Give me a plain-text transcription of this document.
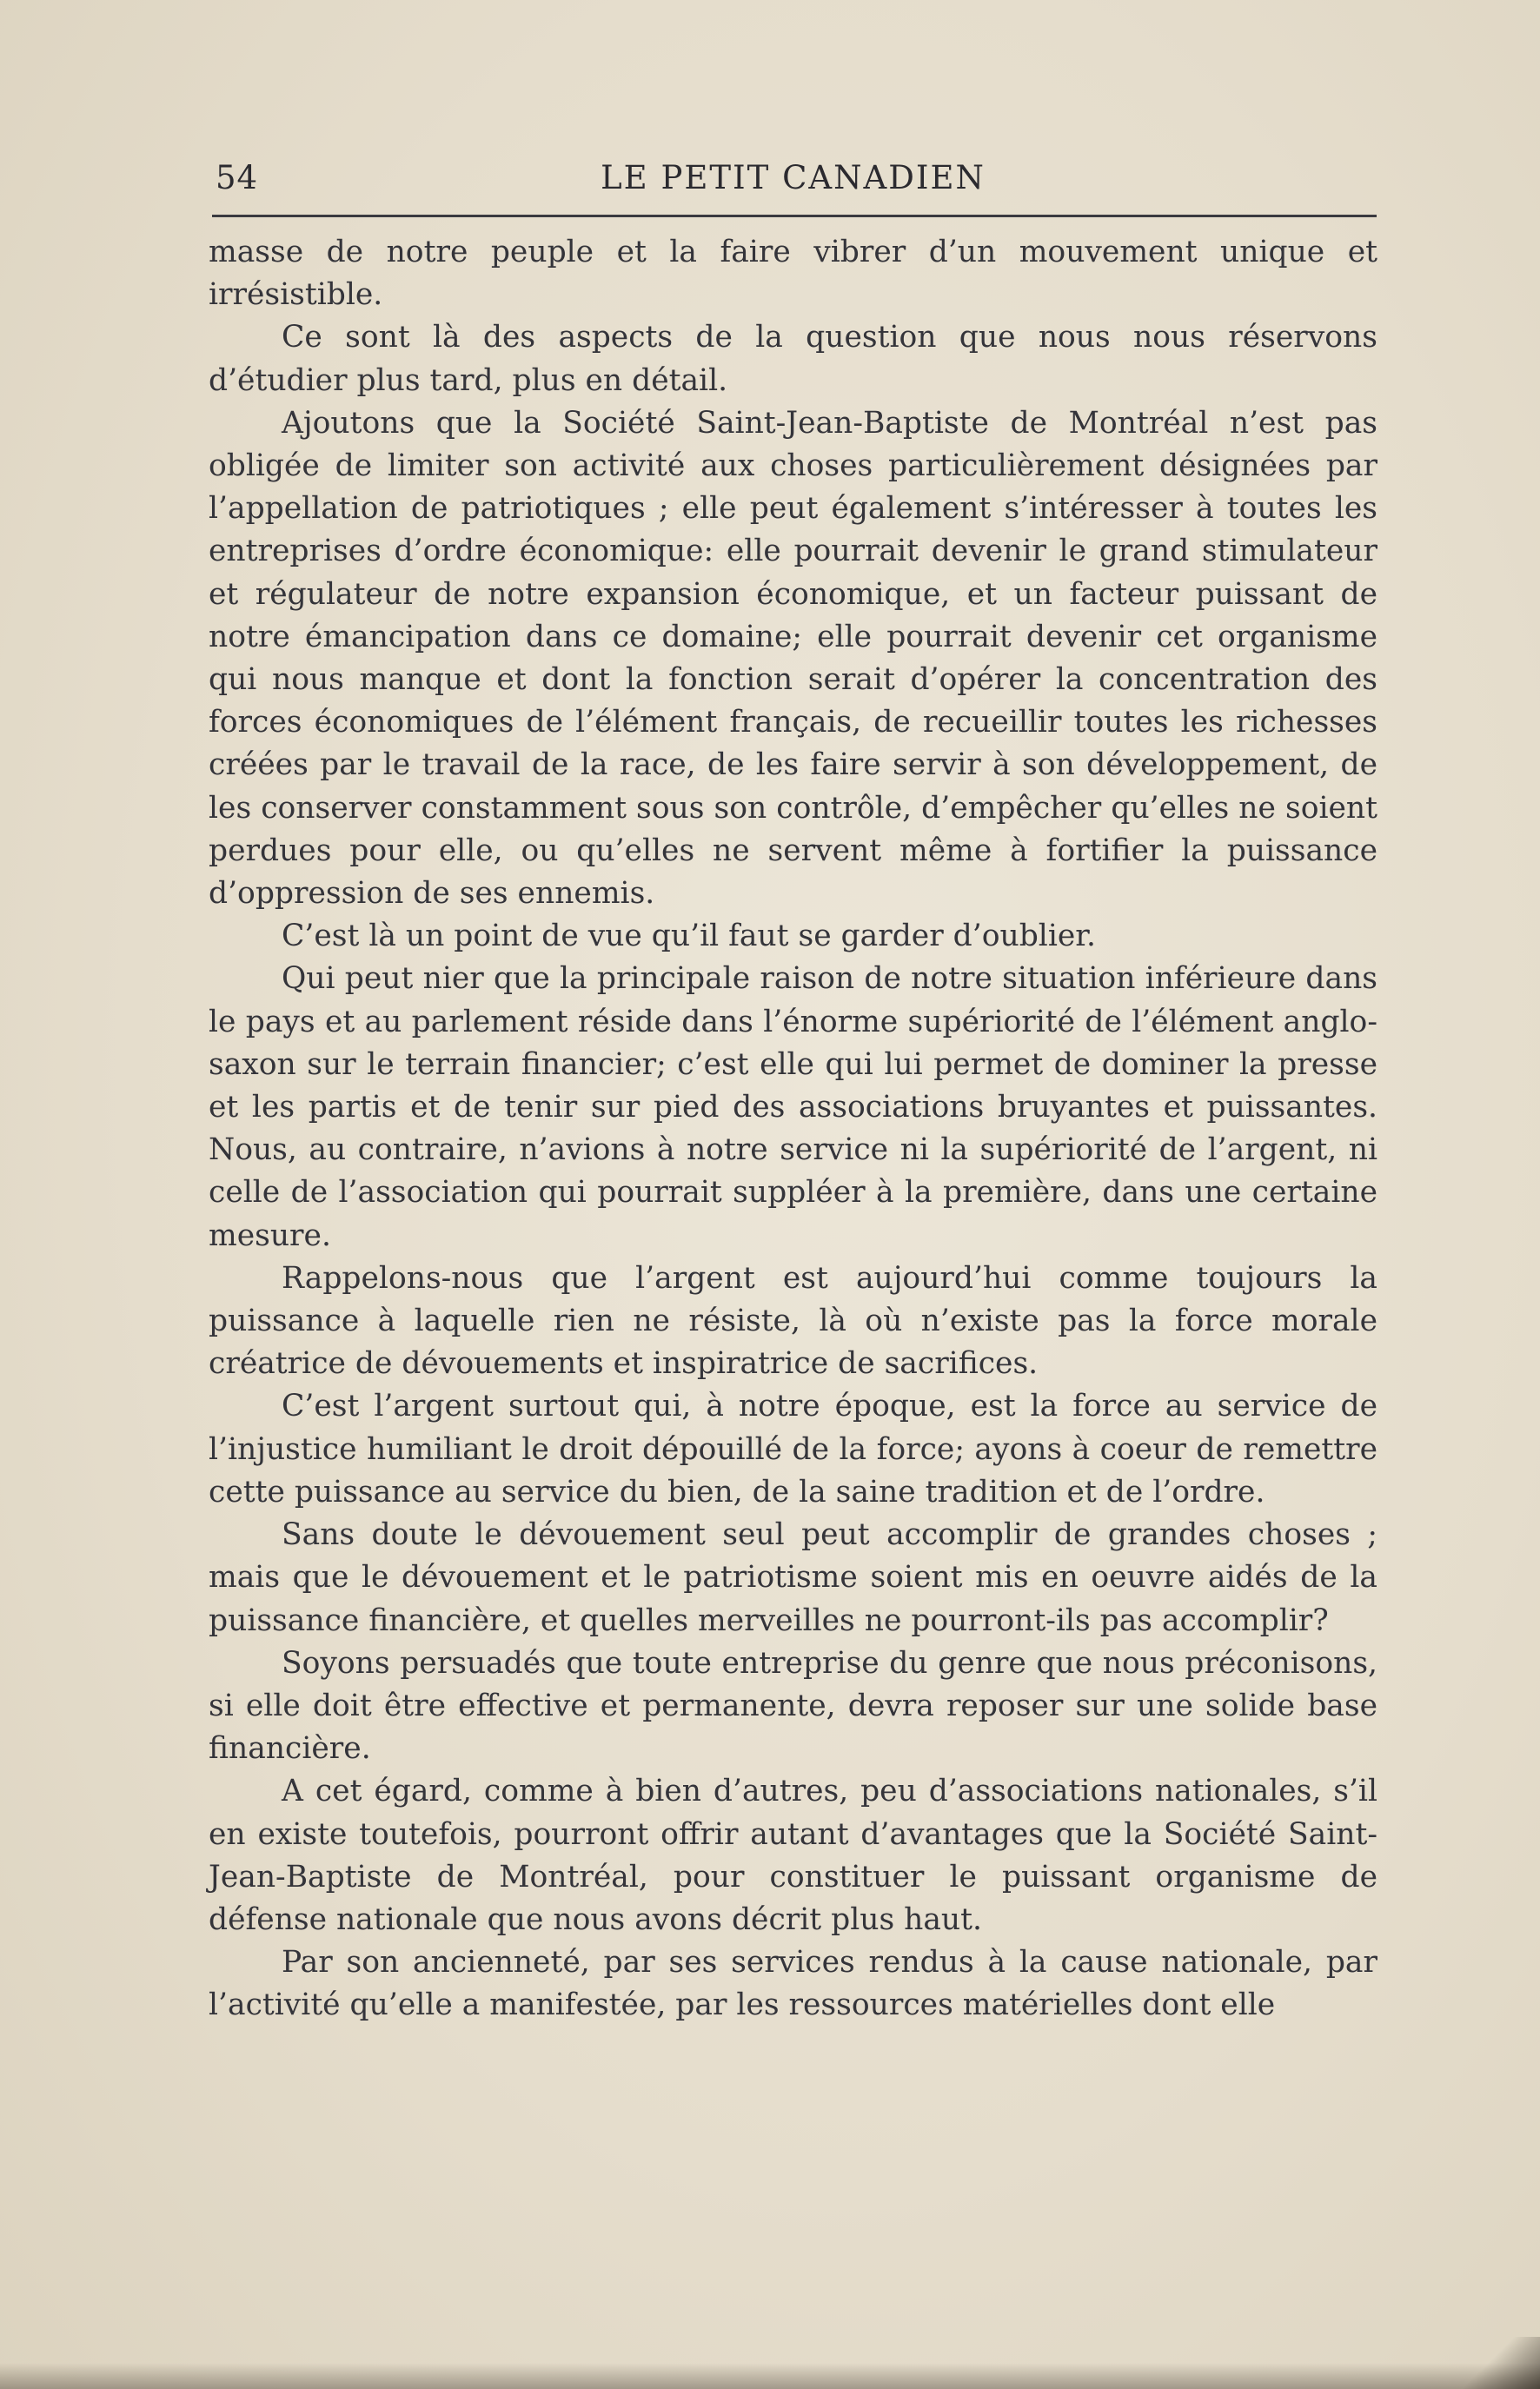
54	LE PETIT CANADIEN

masse de notre peuple et la faire vibrer d’un mouvement unique et irrésistible.

Ce sont là des aspects de la question que nous nous réservons d’étudier plus tard, plus en détail.

Ajoutons que la Société Saint-Jean-Baptiste de Montréal n’est pas obligée de limiter son activité aux choses particulièrement désignées par l’appellation de patriotiques ; elle peut également s’intéresser à toutes les entreprises d’ordre économique: elle pourrait devenir le grand stimulateur et régulateur de notre expansion économique, et un facteur puissant de notre émancipation dans ce domaine; elle pourrait devenir cet organisme qui nous manque et dont la fonction serait d’opérer la concentration des forces économiques de l’élément français, de recueillir toutes les richesses créées par le travail de la race, de les faire servir à son développement, de les conserver constamment sous son contrôle, d’empêcher qu’elles ne soient perdues pour elle, ou qu’elles ne servent même à fortifier la puissance d’oppression de ses ennemis.

C’est là un point de vue qu’il faut se garder d’oublier.

Qui peut nier que la principale raison de notre situation inférieure dans le pays et au parlement réside dans l’énorme supériorité de l’élément anglo-saxon sur le terrain financier; c’est elle qui lui permet de dominer la presse et les partis et de tenir sur pied des associations bruyantes et puissantes. Nous, au contraire, n’avions à notre service ni la supériorité de l’argent, ni celle de l’association qui pourrait suppléer à la première, dans une certaine mesure.

Rappelons-nous que l’argent est aujourd’hui comme toujours la puissance à laquelle rien ne résiste, là où n’existe pas la force morale créatrice de dévouements et inspiratrice de sacrifices.

C’est l’argent surtout qui, à notre époque, est la force au service de l’injustice humiliant le droit dépouillé de la force; ayons à coeur de remettre cette puissance au service du bien, de la saine tradition et de l’ordre.

Sans doute le dévouement seul peut accomplir de grandes choses ; mais que le dévouement et le patriotisme soient mis en oeuvre aidés de la puissance financière, et quelles merveilles ne pourront-ils pas accomplir?

Soyons persuadés que toute entreprise du genre que nous préconisons, si elle doit être effective et permanente, devra reposer sur une solide base financière.

A cet égard, comme à bien d’autres, peu d’associations nationales, s’il en existe toutefois, pourront offrir autant d’avantages que la Société Saint-Jean-Baptiste de Montréal, pour constituer le puissant organisme de défense nationale que nous avons décrit plus haut.

Par son ancienneté, par ses services rendus à la cause nationale, par l’activité qu’elle a manifestée, par les ressources matérielles dont elle
